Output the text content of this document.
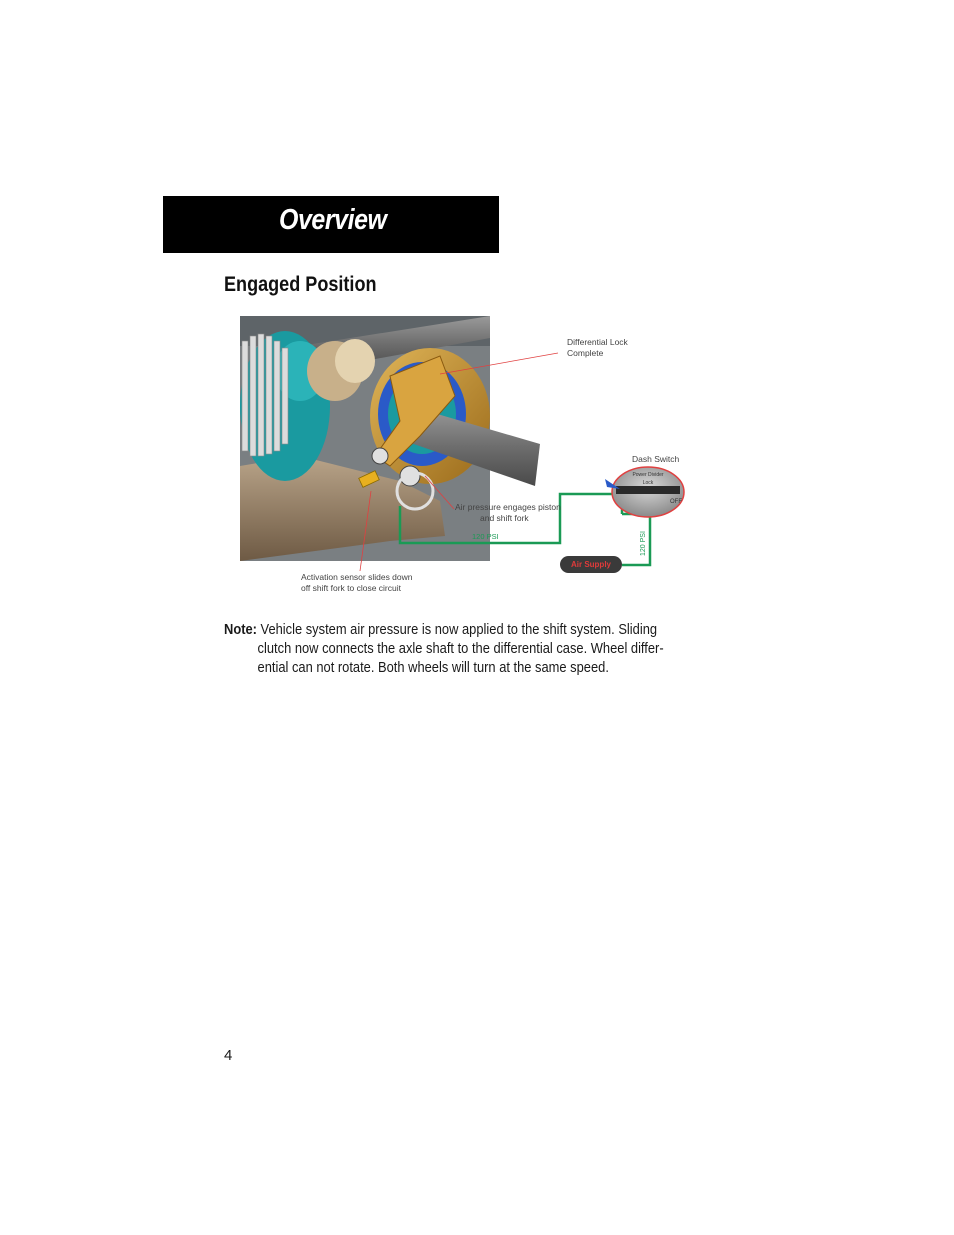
Overview
Engaged Position
Differential Lock
Complete
Dash Switch
Power Divider
Lock
OFF
Air pressure engages piston
and shift fork
120 PSI	120 PSI
Air Supply
Activation sensor slides down
off shift fork to close circuit
Note: Vehicle system air pressure is now applied to the shift system. Sliding
clutch now connects the axle shaft to the differential case. Wheel differ-
ential can not rotate. Both wheels will turn at the same speed.
4
